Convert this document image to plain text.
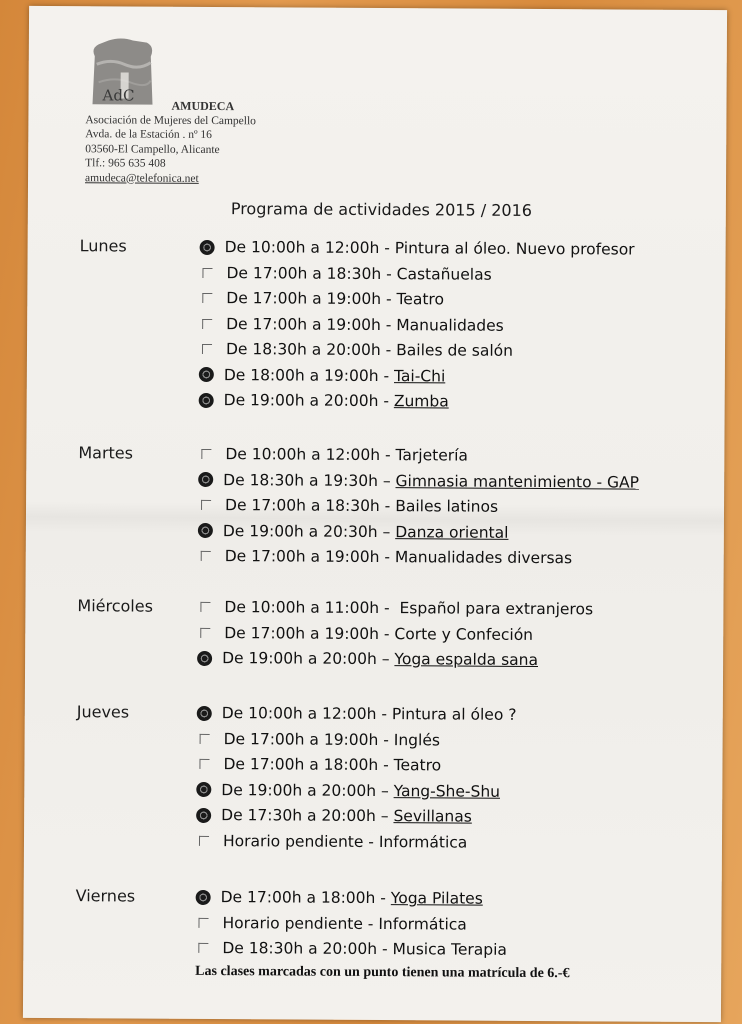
AdC
AMUDECA
Asociación de Mujeres del Campello
Avda. de la Estación . nº 16
03560-El Campello, Alicante
Tlf.: 965 635 408
amudeca@telefonica.net
Programa de actividades 2015 / 2016
Lunes	De 10:00h a 12:00h - Pintura al óleo. Nuevo profesor
De 17:00h a 18:30h - Castañuelas
De 17:00h a 19:00h - Teatro
De 17:00h a 19:00h - Manualidades
De 18:30h a 20:00h - Bailes de salón
De 18:00h a 19:00h - Tai-Chi
De 19:00h a 20:00h - Zumba
Martes	De 10:00h a 12:00h - Tarjetería
De 18:30h a 19:30h – Gimnasia mantenimiento - GAP
De 17:00h a 18:30h - Bailes latinos
De 19:00h a 20:30h – Danza oriental
De 17:00h a 19:00h - Manualidades diversas
Miércoles	De 10:00h a 11:00h - Español para extranjeros
De 17:00h a 19:00h - Corte y Confeción
De 19:00h a 20:00h – Yoga espalda sana
Jueves	De 10:00h a 12:00h - Pintura al óleo ?
De 17:00h a 19:00h - Inglés
De 17:00h a 18:00h - Teatro
De 19:00h a 20:00h – Yang-She-Shu
De 17:30h a 20:00h – Sevillanas
Horario pendiente - Informática
Viernes	De 17:00h a 18:00h - Yoga Pilates
Horario pendiente - Informática
De 18:30h a 20:00h - Musica Terapia
Las clases marcadas con un punto tienen una matrícula de 6.-€
